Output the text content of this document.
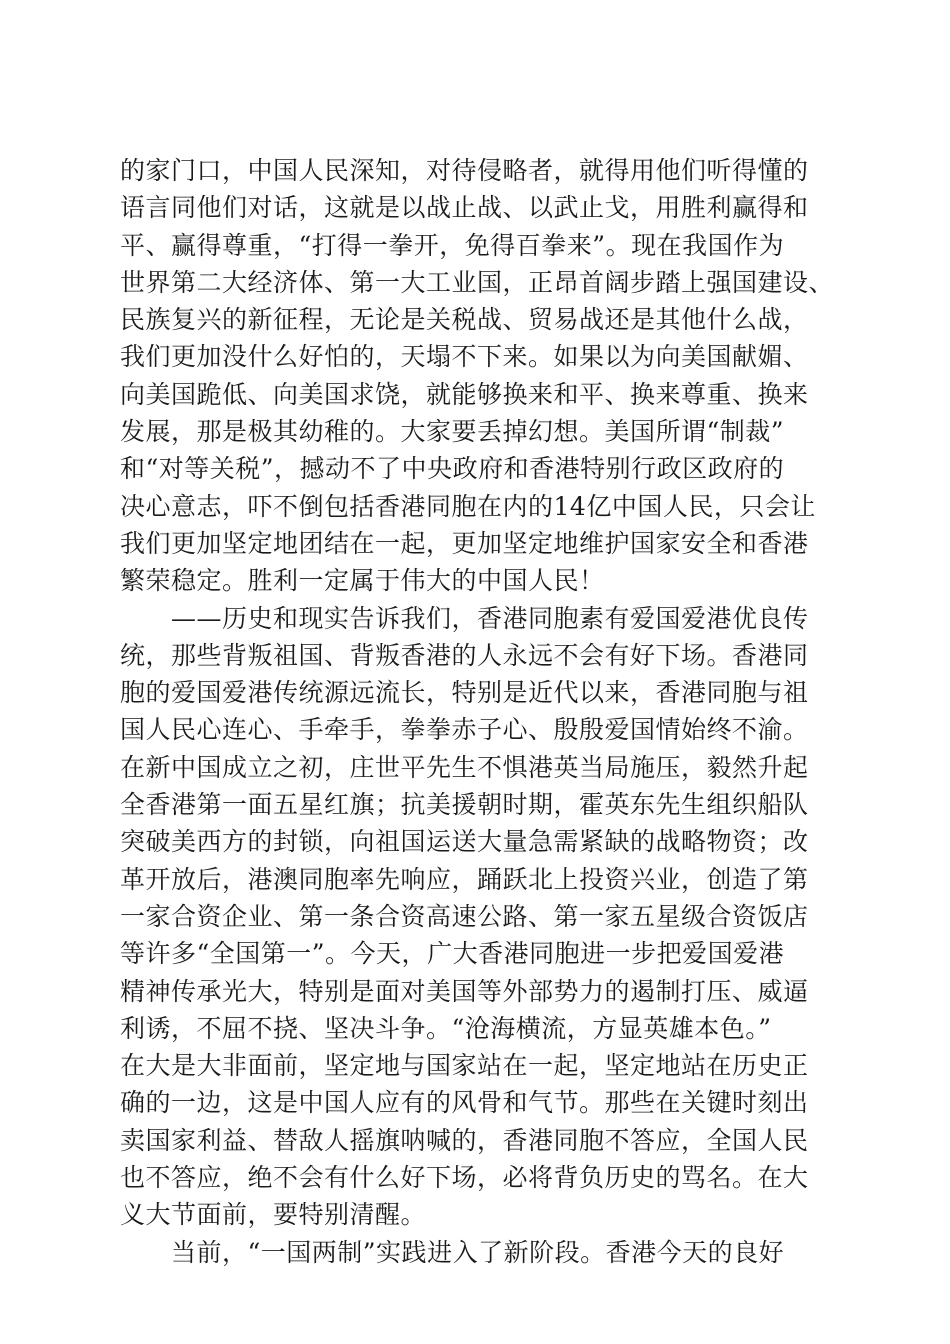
的家门口，中国人民深知，对待侵略者，就得用他们听得懂的
语言同他们对话，这就是以战止战、以武止戈，用胜利赢得和
平、赢得尊重，“打得一拳开，免得百拳来”。现在我国作为
世界第二大经济体、第一大工业国，正昂首阔步踏上强国建设、
民族复兴的新征程，无论是关税战、贸易战还是其他什么战，
我们更加没什么好怕的，天塌不下来。如果以为向美国献媚、
向美国跪低、向美国求饶，就能够换来和平、换来尊重、换来
发展，那是极其幼稚的。大家要丢掉幻想。美国所谓“制裁”
和“对等关税”，撼动不了中央政府和香港特别行政区政府的
决心意志，吓不倒包括香港同胞在内的14亿中国人民，只会让
我们更加坚定地团结在一起，更加坚定地维护国家安全和香港
繁荣稳定。胜利一定属于伟大的中国人民！
　　——历史和现实告诉我们，香港同胞素有爱国爱港优良传
统，那些背叛祖国、背叛香港的人永远不会有好下场。香港同
胞的爱国爱港传统源远流长，特别是近代以来，香港同胞与祖
国人民心连心、手牵手，拳拳赤子心、殷殷爱国情始终不渝。
在新中国成立之初，庄世平先生不惧港英当局施压，毅然升起
全香港第一面五星红旗；抗美援朝时期，霍英东先生组织船队
突破美西方的封锁，向祖国运送大量急需紧缺的战略物资；改
革开放后，港澳同胞率先响应，踊跃北上投资兴业，创造了第
一家合资企业、第一条合资高速公路、第一家五星级合资饭店
等许多“全国第一”。今天，广大香港同胞进一步把爱国爱港
精神传承光大，特别是面对美国等外部势力的遏制打压、威逼
利诱，不屈不挠、坚决斗争。“沧海横流，方显英雄本色。”
在大是大非面前，坚定地与国家站在一起，坚定地站在历史正
确的一边，这是中国人应有的风骨和气节。那些在关键时刻出
卖国家利益、替敌人摇旗呐喊的，香港同胞不答应，全国人民
也不答应，绝不会有什么好下场，必将背负历史的骂名。在大
义大节面前，要特别清醒。
　　当前，“一国两制”实践进入了新阶段。香港今天的良好
